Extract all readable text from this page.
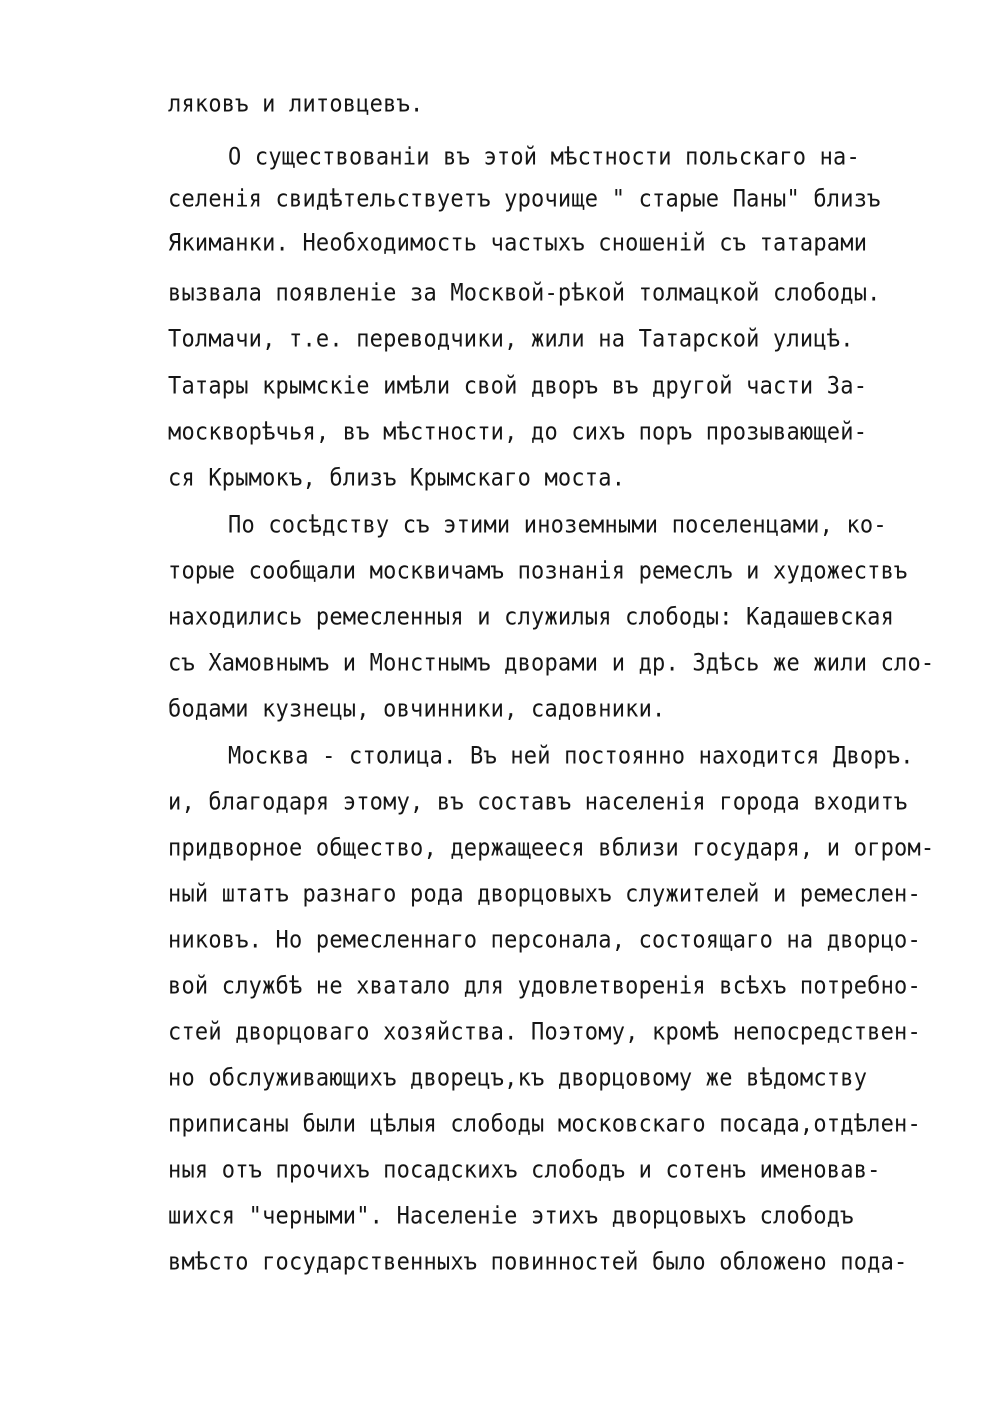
ляковъ и литовцевъ.
О существованіи въ этой мѣстности польскаго на-
селенія свидѣтельствуетъ урочище " старые Паны" близъ
Якиманки. Необходимость частыхъ сношеній съ татарами
вызвала появленіе за Москвой-рѣкой толмацкой слободы.
Толмачи, т.е. переводчики, жили на Татарской улицѣ.
Татары крымскіе имѣли свой дворъ въ другой части За-
москворѣчья, въ мѣстности, до сихъ поръ прозывающей-
ся Крымокъ, близъ Крымскаго моста.
По сосѣдству съ этими иноземными поселенцами, ко-
торые сообщали москвичамъ познанія ремеслъ и художествъ
находились ремесленныя и служилыя слободы: Кадашевская
съ Хамовнымъ и Монстнымъ дворами и др. Здѣсь же жили сло-
бодами кузнецы, овчинники, садовники.
Москва - столица. Въ ней постоянно находится Дворъ.
и, благодаря этому, въ составъ населенія города входитъ
придворное общество, держащееся вблизи государя, и огром-
ный штатъ разнаго рода дворцовыхъ служителей и ремеслен-
никовъ. Но ремесленнаго персонала, состоящаго на дворцо-
вой службѣ не хватало для удовлетворенія всѣхъ потребно-
стей дворцоваго хозяйства. Поэтому, кромѣ непосредствен-
но обслуживающихъ дворецъ,къ дворцовому же вѣдомству
приписаны были цѣлыя слободы московскаго посада,отдѣлен-
ныя отъ прочихъ посадскихъ слободъ и сотенъ именовав-
шихся "черными". Населеніе этихъ дворцовыхъ слободъ
вмѣсто государственныхъ повинностей было обложено пода-
